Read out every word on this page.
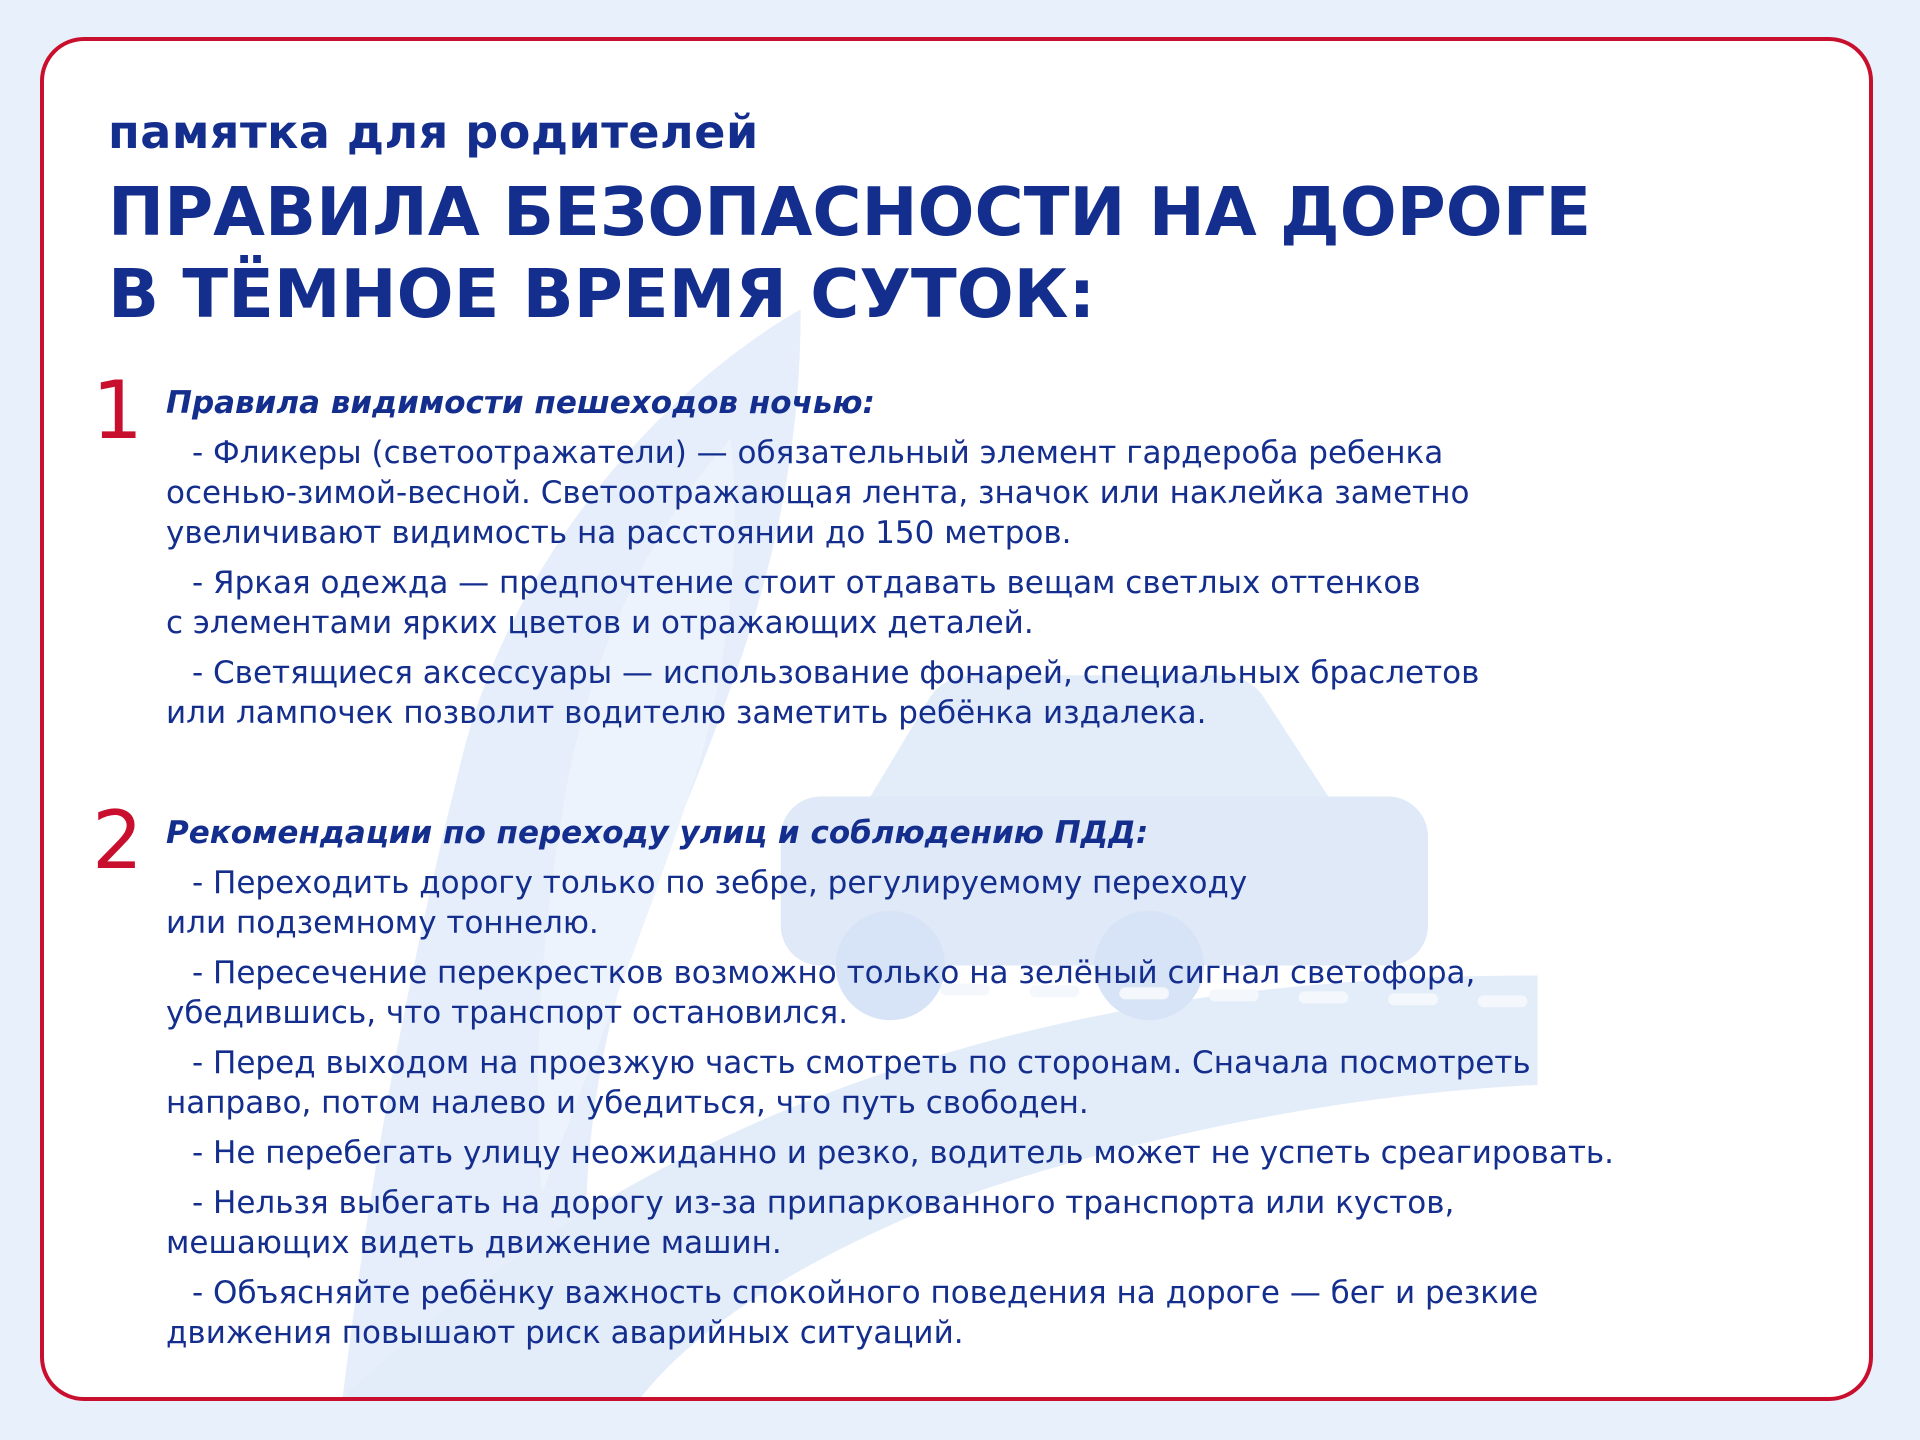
памятка для родителей
ПРАВИЛА БЕЗОПАСНОСТИ НА ДОРОГЕ
В ТЁМНОЕ ВРЕМЯ СУТОК:
1 Правила видимости пешеходов ночью:
- Фликеры (светоотражатели) — обязательный элемент гардероба ребенка
осенью-зимой-весной. Светоотражающая лента, значок или наклейка заметно
увеличивают видимость на расстоянии до 150 метров.
- Яркая одежда — предпочтение стоит отдавать вещам светлых оттенков
с элементами ярких цветов и отражающих деталей.
- Светящиеся аксессуары — использование фонарей, специальных браслетов
или лампочек позволит водителю заметить ребёнка издалека.
2 Рекомендации по переходу улиц и соблюдению ПДД:
- Переходить дорогу только по зебре, регулируемому переходу
или подземному тоннелю.
- Пересечение перекрестков возможно только на зелёный сигнал светофора,
убедившись, что транспорт остановился.
- Перед выходом на проезжую часть смотреть по сторонам. Сначала посмотреть
направо, потом налево и убедиться, что путь свободен.
- Не перебегать улицу неожиданно и резко, водитель может не успеть среагировать.
- Нельзя выбегать на дорогу из-за припаркованного транспорта или кустов,
мешающих видеть движение машин.
- Объясняйте ребёнку важность спокойного поведения на дороге — бег и резкие
движения повышают риск аварийных ситуаций.
